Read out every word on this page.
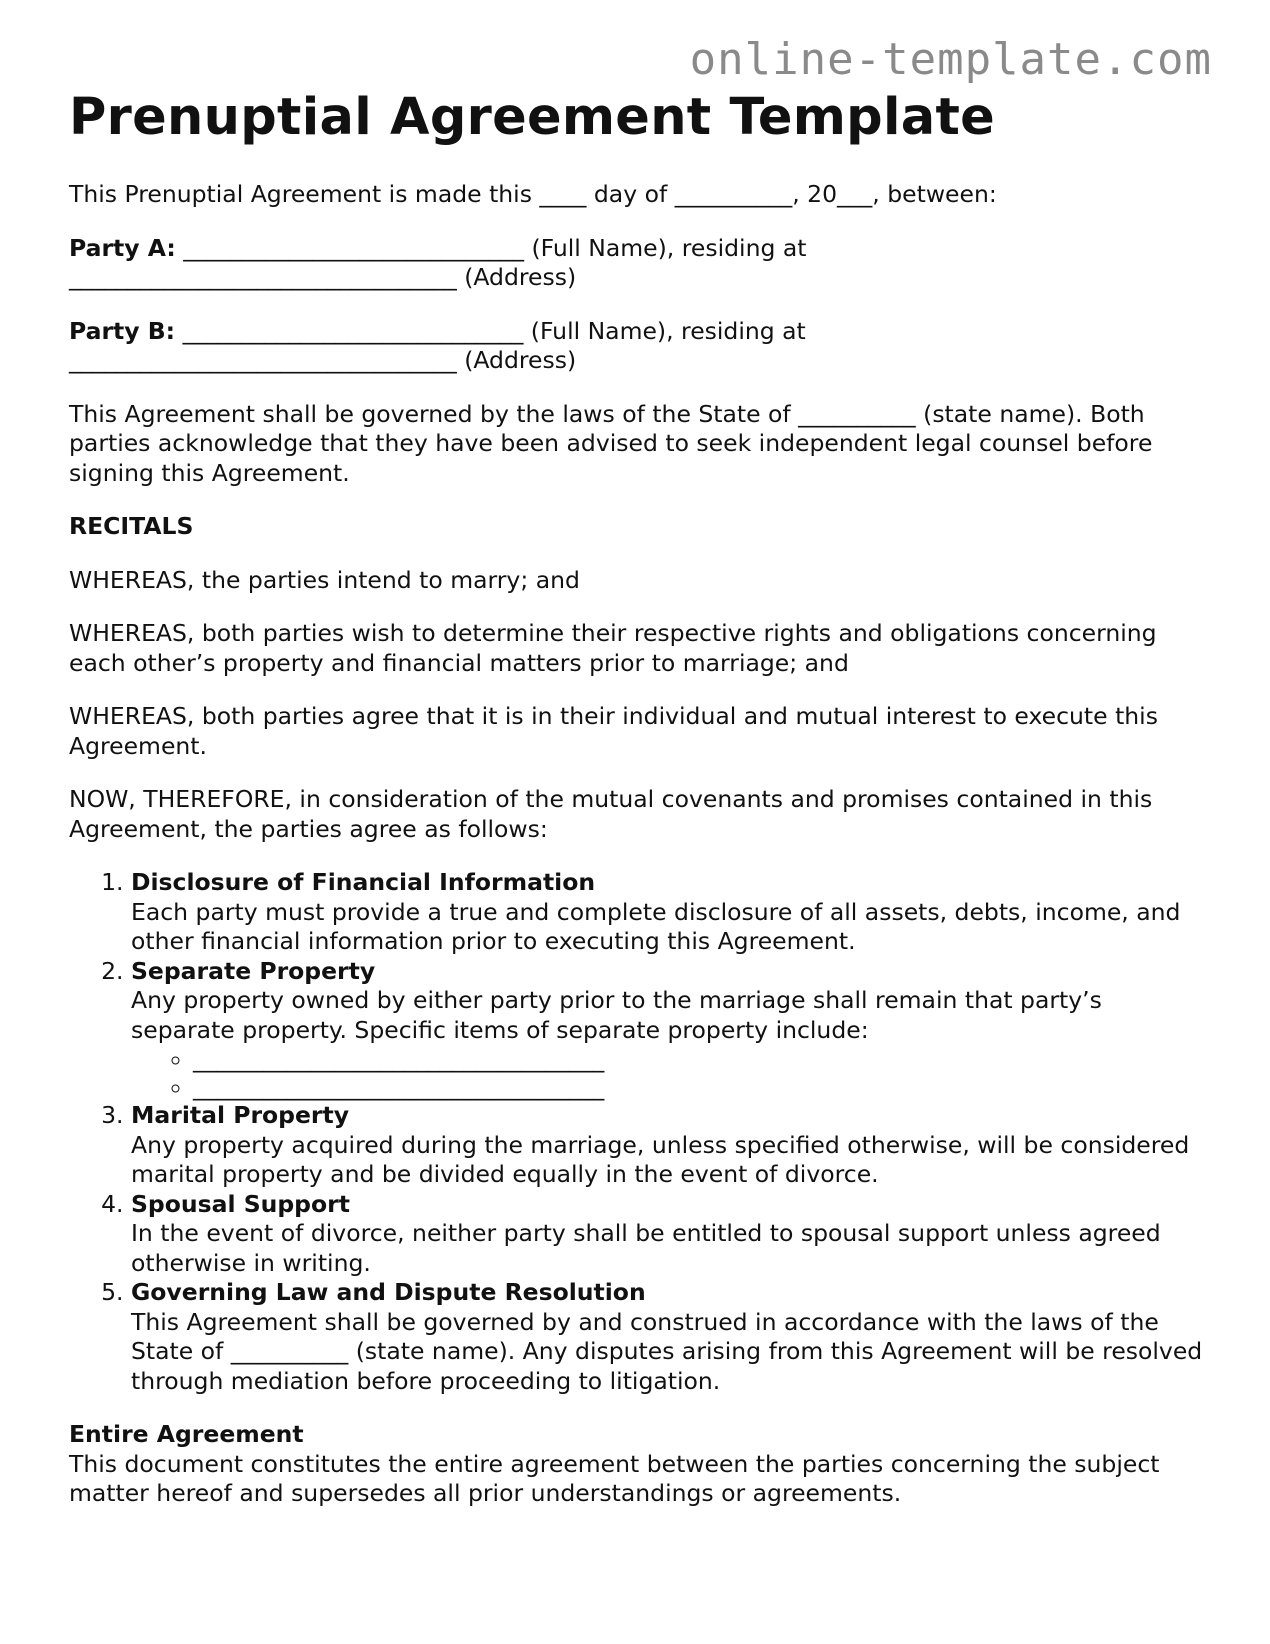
online-template.com
Prenuptial Agreement Template

This Prenuptial Agreement is made this ____ day of __________, 20___, between:

Party A: _____________________________ (Full Name), residing at
_________________________________ (Address)

Party B: _____________________________ (Full Name), residing at
_________________________________ (Address)

This Agreement shall be governed by the laws of the State of __________ (state name). Both parties acknowledge that they have been advised to seek independent legal counsel before signing this Agreement.

RECITALS

WHEREAS, the parties intend to marry; and

WHEREAS, both parties wish to determine their respective rights and obligations concerning each other’s property and financial matters prior to marriage; and

WHEREAS, both parties agree that it is in their individual and mutual interest to execute this Agreement.

NOW, THEREFORE, in consideration of the mutual covenants and promises contained in this Agreement, the parties agree as follows:

1. Disclosure of Financial Information
Each party must provide a true and complete disclosure of all assets, debts, income, and other financial information prior to executing this Agreement.
2. Separate Property
Any property owned by either party prior to the marriage shall remain that party’s separate property. Specific items of separate property include:
◦ ___________________________________
◦ ___________________________________
3. Marital Property
Any property acquired during the marriage, unless specified otherwise, will be considered marital property and be divided equally in the event of divorce.
4. Spousal Support
In the event of divorce, neither party shall be entitled to spousal support unless agreed otherwise in writing.
5. Governing Law and Dispute Resolution
This Agreement shall be governed by and construed in accordance with the laws of the State of __________ (state name). Any disputes arising from this Agreement will be resolved through mediation before proceeding to litigation.

Entire Agreement
This document constitutes the entire agreement between the parties concerning the subject matter hereof and supersedes all prior understandings or agreements.
